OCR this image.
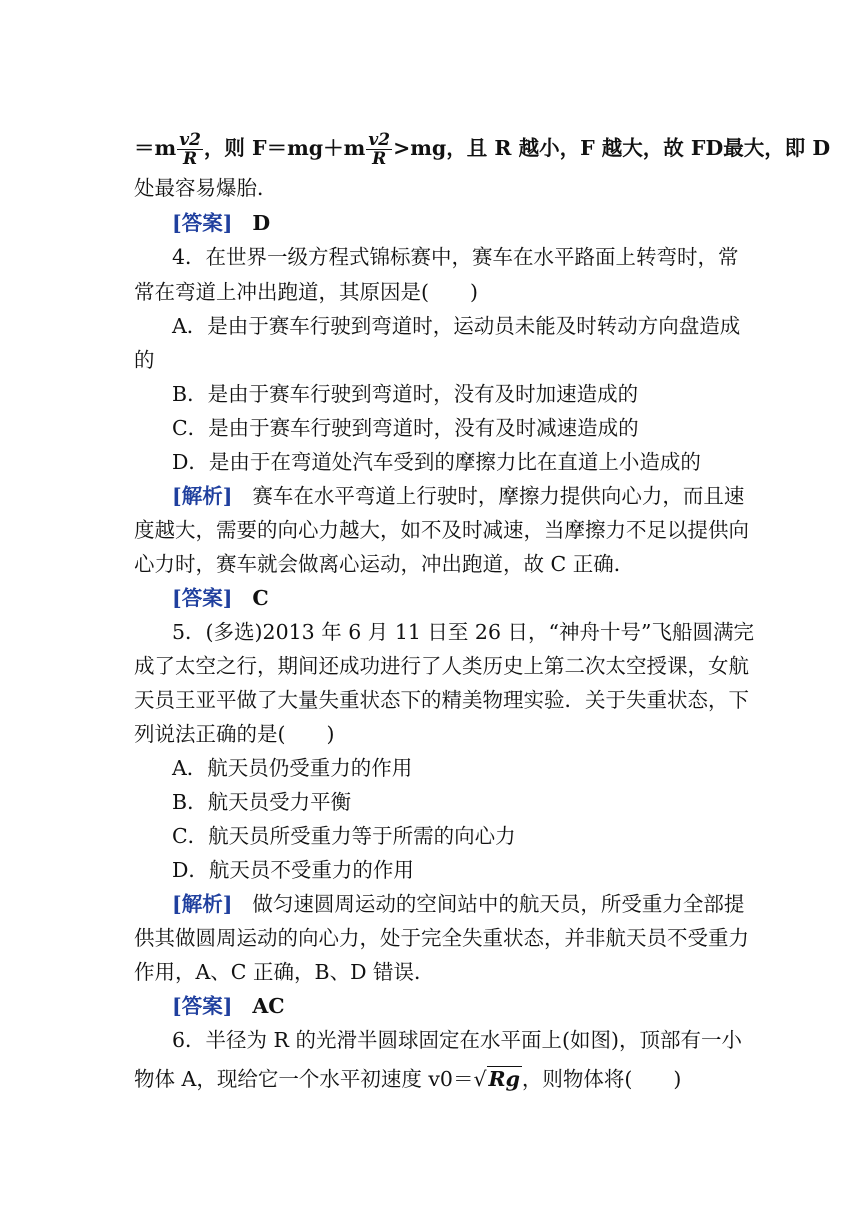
$=m \frac{v2}{R}$ ，则 $F=mg+m \frac{v2}{R} >mg$，且 R 越小，F 越大，故 FD最大，即 D
处最容易爆胎．
[答案] D
4．在世界一级方程式锦标赛中，赛车在水平路面上转弯时，常
常在弯道上冲出跑道，其原因是(　　)
A．是由于赛车行驶到弯道时，运动员未能及时转动方向盘造成
的
B．是由于赛车行驶到弯道时，没有及时加速造成的
C．是由于赛车行驶到弯道时，没有及时减速造成的
D．是由于在弯道处汽车受到的摩擦力比在直道上小造成的
[解析] 赛车在水平弯道上行驶时，摩擦力提供向心力，而且速
度越大，需要的向心力越大，如不及时减速，当摩擦力不足以提供向
心力时，赛车就会做离心运动，冲出跑道，故 C 正确．
[答案] C
5．(多选)2013 年 6 月 11 日至 26 日，“神舟十号”飞船圆满完
成了太空之行，期间还成功进行了人类历史上第二次太空授课，女航
天员王亚平做了大量失重状态下的精美物理实验．关于失重状态，下
列说法正确的是(　　)
A．航天员仍受重力的作用
B．航天员受力平衡
C．航天员所受重力等于所需的向心力
D．航天员不受重力的作用
[解析] 做匀速圆周运动的空间站中的航天员，所受重力全部提
供其做圆周运动的向心力，处于完全失重状态，并非航天员不受重力
作用，A、C 正确，B、D 错误．
[答案] AC
6．半径为 R 的光滑半圆球固定在水平面上(如图)，顶部有一小
物体 A，现给它一个水平初速度 v0＝√Rg，则物体将(　　)
